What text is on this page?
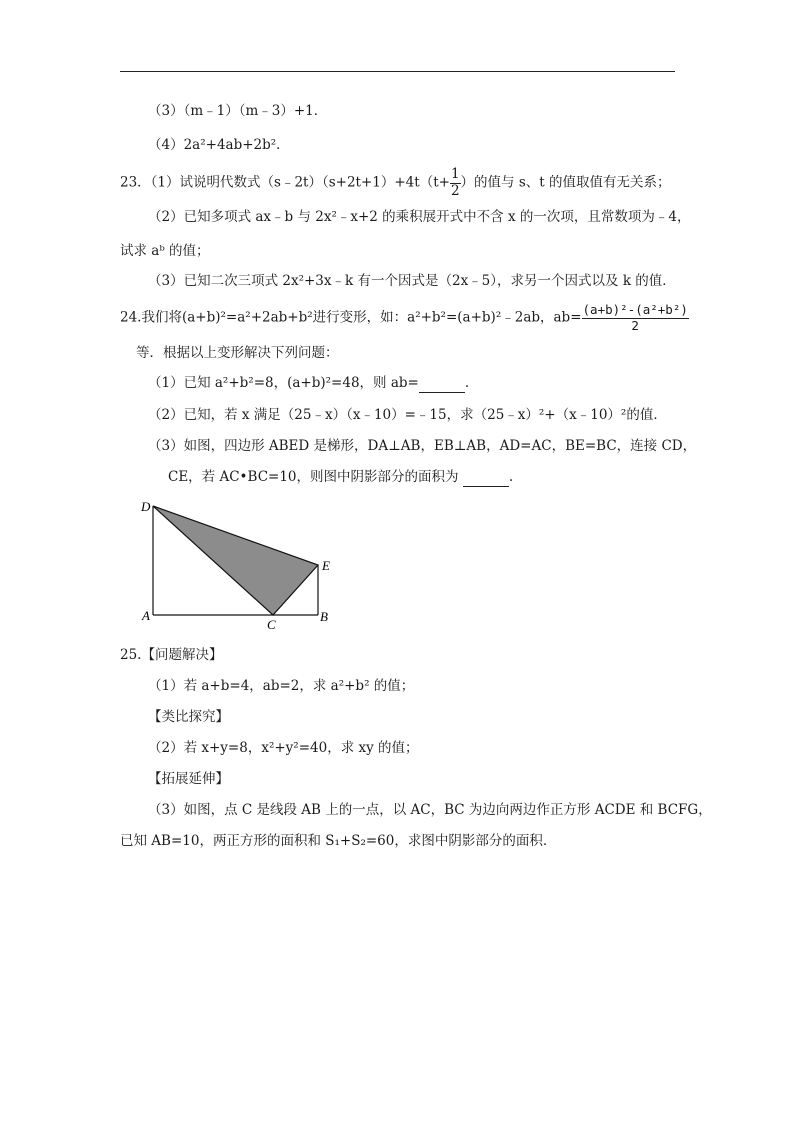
（3）（m﹣1）（m﹣3）+1．
（4）2a²+4ab+2b²．
23．（1）试说明代数式（s﹣2t）（s+2t+1）+4t（t+ $\frac{1}{2}$ ）的值与 s、t 的值取值有无关系；
（2）已知多项式 ax﹣b 与 2x²﹣x+2 的乘积展开式中不含 x 的一次项，且常数项为﹣4，
试求 aᵇ 的值；
（3）已知二次三项式 2x²+3x﹣k 有一个因式是（2x﹣5），求另一个因式以及 k 的值．
24.我们将(a+b)²=a²+2ab+b²进行变形，如：a²+b²=(a+b)²﹣2ab，$ab= \frac{\text{(a+b)²-(a²+b²)}}{2}$
等．根据以上变形解决下列问题：
（1）已知 a²+b²=8，(a+b)²=48，则 ab=	.
（2）已知，若 x 满足（25﹣x）（x﹣10）=﹣15，求（25﹣x）²+（x﹣10）²的值．
（3）如图，四边形 ABED 是梯形，DA⊥AB，EB⊥AB，AD=AC，BE=BC，连接 CD，
CE，若 AC•BC=10，则图中阴影部分的面积为	.
D
E
A
C
B
25.【问题解决】
（1）若 a+b=4，ab=2，求 a²+b² 的值；
【类比探究】
（2）若 x+y=8，x²+y²=40，求 xy 的值；
【拓展延伸】
（3）如图，点 C 是线段 AB 上的一点，以 AC，BC 为边向两边作正方形 ACDE 和 BCFG，
已知 AB=10，两正方形的面积和 S₁+S₂=60，求图中阴影部分的面积．
